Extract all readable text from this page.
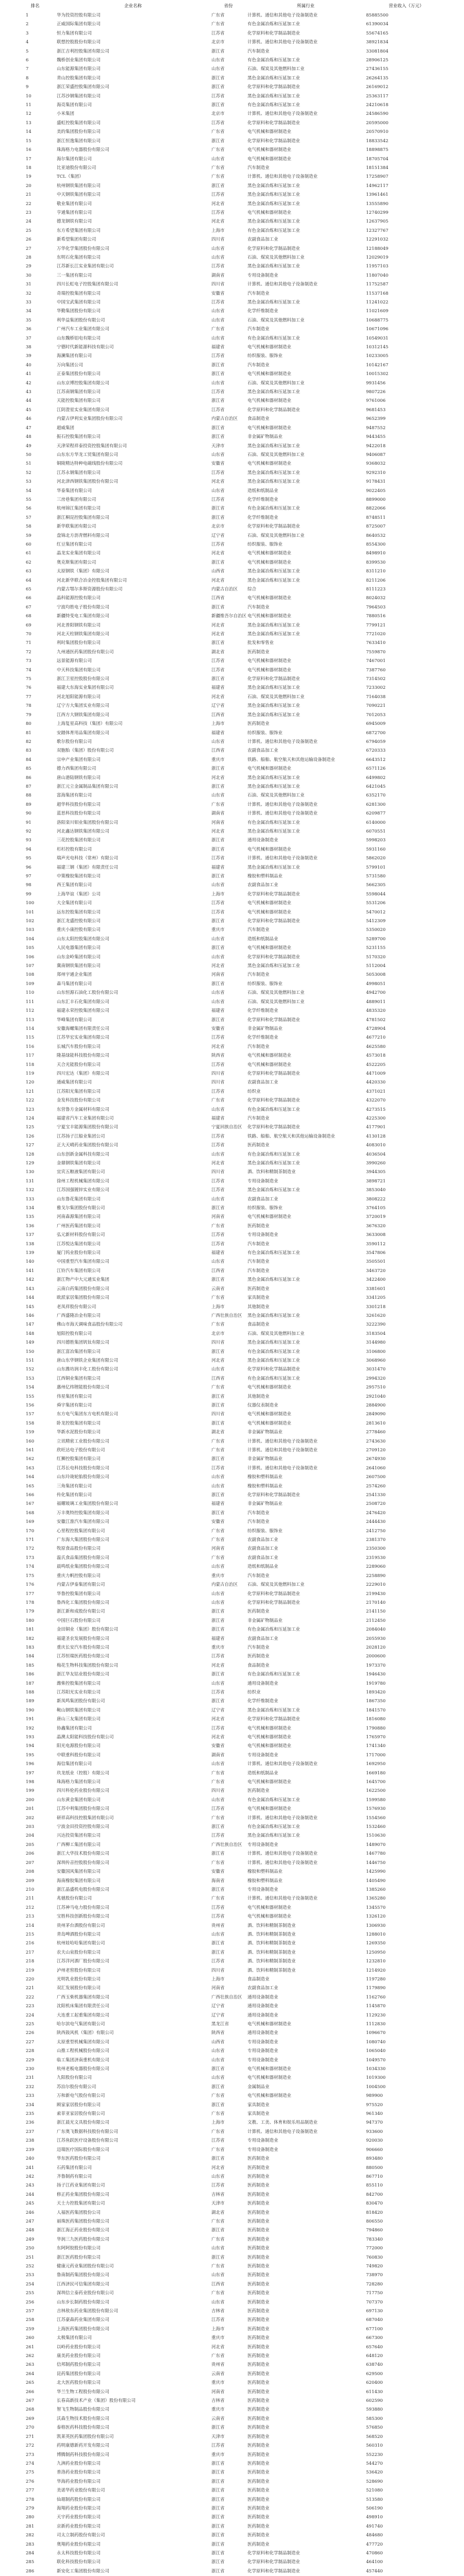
排名	企业名称	省份	所属行业	营业收入（万元）
1	华为投资控股有限公司	广东省	计算机、通信和其他电子设备制造业	85885500
2	正威国际集团有限公司	广东省	有色金属冶炼和压延加工业	61390034
3	恒力集团有限公司	江苏省	化学原料和化学制品制造业	55674165
4	联想控股股份有限公司	北京市	计算机、通信和其他电子设备制造业	38921834
5	浙江吉利控股集团有限公司	浙江省	汽车制造业	33081804
6	魏桥创业集团有限公司	山东省	有色金属冶炼和压延加工业	28906125
7	山东能源集团有限公司	山东省	石油、煤炭及其他燃料加工业	27436155
8	青山控股集团有限公司	浙江省	黑色金属冶炼和压延加工业	26264135
9	浙江荣盛控股集团有限公司	浙江省	化学原料和化学制品制造业	26169012
10	江苏沙钢集团有限公司	江苏省	黑色金属冶炼和压延加工业	25363117
11	海亮集团有限公司	浙江省	有色金属冶炼和压延加工业	24210618
12	小米集团	北京市	计算机、通信和其他电子设备制造业	24586590
13	盛虹控股集团有限公司	江苏省	化学原料和化学制品制造业	20595000
14	美的集团股份有限公司	广东省	电气机械和器材制造业	20570910
15	浙江恒逸集团有限公司	浙江省	化学原料和化学制品制造业	18833542
16	珠海格力电器股份有限公司	广东省	电气机械和器材制造业	18898875
17	海尔集团有限公司	山东省	电气机械和器材制造业	18705704
18	比亚迪股份有限公司	广东省	汽车制造业	18151384
19	TCL（集团）	广东省	计算机、通信和其他电子设备制造业	17258907
20	杭州钢铁集团有限公司	浙江省	黑色金属冶炼和压延加工业	14962117
21	中天钢铁集团有限公司	江苏省	黑色金属冶炼和压延加工业	13961461
22	敬业集团有限公司	河北省	黑色金属冶炼和压延加工业	13555890
23	亨通集团有限公司	江苏省	电气机械和器材制造业	12740299
24	德龙钢铁有限公司	河北省	黑色金属冶炼和压延加工业	12637905
25	东方希望集团有限公司	上海市	有色金属冶炼和压延加工业	12327767
26	新希望集团有限公司	四川省	农副食品加工业	12291032
27	万华化学集团股份有限公司	山东省	化学原料和化学制品制造业	12188049
28	东明石化集团有限公司	山东省	石油、煤炭及其他燃料加工业	12029019
29	江苏新长江实业集团有限公司	江苏省	黑色金属冶炼和压延加工业	11957103
30	三一集团有限公司	湖南省	专用设备制造业	11807040
31	四川长虹电子控股集团有限公司	四川省	计算机、通信和其他电子设备制造业	11752587
32	奇瑞控股集团有限公司	安徽省	汽车制造业	11537168
33	中国宝武集团有限公司	江苏省	黑色金属冶炼和压延加工业	11241022
34	华勤集团股份有限公司	山东省	化学纤维制造业	11021609
35	利华益集团股份有限公司	山东省	石油、煤炭及其他燃料加工业	10688775
36	广州汽车工业集团有限公司	广东省	汽车制造业	10671096
37	山东魏桥铝电有限公司	山东省	有色金属冶炼和压延加工业	10549031
38	宁德时代新能源科技有限公司	福建省	电气机械和器材制造业	10312145
39	海澜集团有限公司	江苏省	纺织服装、服饰业	10233005
40	万向集团公司	浙江省	汽车制造业	10142167
41	正泰集团股份有限公司	浙江省	电气机械和器材制造业	10015302
42	山东京博控股集团有限公司	山东省	石油、煤炭及其他燃料加工业	9931456
43	江苏南钢集团有限公司	江苏省	黑色金属冶炼和压延加工业	9807226
44	天能控股集团有限公司	浙江省	电气机械和器材制造业	9761006
45	江阴澄星实业集团有限公司	江苏省	化学原料和化学制品制造业	9681453
46	内蒙古伊利实业集团股份有限公司	内蒙古自治区	食品制造业	9652399
47	超威集团	浙江省	电气机械和器材制造业	9487552
48	振石控股集团有限公司	浙江省	非金属矿物制品业	9443455
49	天津荣程祥泰投资控股集团有限公司	天津市	黑色金属冶炼和压延加工业	9422018
50	山东东方华龙工贸集团有限公司	山东省	石油、煤炭及其他燃料加工业	9406087
51	铜陵精达特种电磁线股份有限公司	安徽省	电气机械和器材制造业	9368032
52	江苏永钢集团有限公司	江苏省	黑色金属冶炼和压延加工业	9292310
53	河北津西钢铁集团股份有限公司	河北省	黑色金属冶炼和压延加工业	9178431
54	华泰集团有限公司	山东省	造纸和纸制品业	9022405
55	三房巷集团有限公司	江苏省	化学纤维制造业	8899000
56	杭州锦江集团有限公司	浙江省	有色金属冶炼和压延加工业	8822066
57	浙江桐昆控股集团有限公司	浙江省	化学纤维制造业	8748511
58	新华联集团有限公司	北京市	化学原料和化学制品制造业	8725007
59	盘锦北方沥青燃料有限公司	辽宁省	石油、煤炭及其他燃料加工业	8640532
60	红豆集团有限公司	江苏省	纺织服装、服饰业	8554300
61	晶龙实业集团有限公司	河北省	电气机械和器材制造业	8498910
62	奥克斯集团有限公司	浙江省	电气机械和器材制造业	8399530
63	太原钢铁（集团）有限公司	山西省	黑色金属冶炼和压延加工业	8311210
64	河北新华联合冶金控股集团有限公司	河北省	黑色金属冶炼和压延加工业	8211206
65	内蒙古鄂尔多斯资源股份有限公司	内蒙古自治区	综合	8111223
66	晶科能源控股有限公司	江西省	电气机械和器材制造业	8024032
67	宁波均胜电子股份有限公司	浙江省	汽车制造业	7964503
68	新疆特变电工集团有限公司	新疆维吾尔自治区	电气机械和器材制造业	7880516
69	河北普阳钢铁有限公司	河北省	黑色金属冶炼和压延加工业	7799121
70	河北天柱钢铁集团有限公司	河北省	黑色金属冶炼和压延加工业	7721020
71	利时集团股份有限公司	浙江省	批发和零售业	7633410
72	九州通医药集团股份有限公司	湖北省	医药制造业	7559870
73	远景能源有限公司	江苏省	电气机械和器材制造业	7467001
74	中天科技集团有限公司	江苏省	电气机械和器材制造业	7387760
75	浙江卫星控股股份有限公司	浙江省	化学原料和化学制品制造业	7314502
76	福建大东海实业集团有限公司	福建省	黑色金属冶炼和压延加工业	7233002
77	河北旭阳能源有限公司	河北省	石油、煤炭及其他燃料加工业	7164038
78	辽宁方大集团实业有限公司	辽宁省	黑色金属冶炼和压延加工业	7090221
79	江西方大钢铁集团有限公司	江西省	黑色金属冶炼和压延加工业	7012053
80	上海复星高科技（集团）有限公司	上海市	医药制造业	6945009
81	安踏体育用品集团有限公司	福建省	纺织服装、服饰业	6872700
82	歌尔股份有限公司	山东省	计算机、通信和其他电子设备制造业	6794059
83	双胞胎（集团）股份有限公司	江西省	农副食品加工业	6720333
84	宗申产业集团有限公司	重庆市	铁路、船舶、航空航天和其他运输设备制造业	6643512
85	德力西集团有限公司	浙江省	电气机械和器材制造业	6571126
86	唐山港陆钢铁有限公司	河北省	黑色金属冶炼和压延加工业	6499802
87	浙江元立金属制品集团有限公司	浙江省	黑色金属冶炼和压延加工业	6421045
88	富海集团有限公司	山东省	石油、煤炭及其他燃料加工业	6352170
89	超华科技股份有限公司	广东省	计算机、通信和其他电子设备制造业	6281300
90	蓝思科技股份有限公司	湖南省	计算机、通信和其他电子设备制造业	6209877
91	洛阳栾川钼业集团股份有限公司	河南省	有色金属冶炼和压延加工业	6140000
92	河北鑫达钢铁集团有限公司	河北省	黑色金属冶炼和压延加工业	6070551
93	三花控股集团有限公司	浙江省	通用设备制造业	5998203
94	杉杉控股有限公司	浙江省	电气机械和器材制造业	5931160
95	瑞声光电科技（常州）有限公司	江苏省	计算机、通信和其他电子设备制造业	5862020
96	福建三钢（集团）有限责任公司	福建省	黑色金属冶炼和压延加工业	5799101
97	中策橡胶集团有限公司	浙江省	橡胶和塑料制品业	5731580
98	西王集团有限公司	山东省	农副食品加工业	5662305
99	上海华谊（集团）公司	上海市	化学原料和化学制品制造业	5598044
100	大全集团有限公司	江苏省	电气机械和器材制造业	5531206
101	远东控股集团有限公司	江苏省	电气机械和器材制造业	5470012
102	浙江龙盛控股有限公司	浙江省	化学原料和化学制品制造业	5412309
103	重庆小康控股有限公司	重庆市	汽车制造业	5350020
104	山东太阳控股集团有限公司	山东省	造纸和纸制品业	5289700
105	人民电器集团有限公司	浙江省	电气机械和器材制造业	5231155
106	山东金岭集团有限公司	山东省	化学原料和化学制品制造业	5170320
107	冀南钢铁集团有限公司	河北省	黑色金属冶炼和压延加工业	5112004
108	郑州宇通企业集团	河南省	汽车制造业	5053008
109	森马集团有限公司	浙江省	纺织服装、服饰业	4998051
110	山东恒源石油化工股份有限公司	山东省	石油、煤炭及其他燃料加工业	4942700
111	山东汇丰石化集团有限公司	山东省	石油、煤炭及其他燃料加工业	4889011
112	福建永荣控股集团有限公司	福建省	化学纤维制造业	4835320
113	华峰集团有限公司	浙江省	化学原料和化学制品制造业	4781502
114	安徽海螺集团有限责任公司	安徽省	非金属矿物制品业	4728904
115	江苏华宏实业集团有限公司	江苏省	化学纤维制造业	4677210
116	长城汽车股份有限公司	河北省	汽车制造业	4625580
117	隆基绿能科技股份有限公司	陕西省	电气机械和器材制造业	4573018
118	天合光能股份有限公司	江苏省	电气机械和器材制造业	4522205
119	四川宏达（集团）有限公司	四川省	化学原料和化学制品制造业	4471009
120	通威集团有限公司	四川省	农副食品加工业	4420330
121	江苏阳光集团有限公司	江苏省	纺织业	4371021
122	金发科技股份有限公司	广东省	化学原料和化学制品制造业	4322070
123	东营鲁方金属材料有限公司	山东省	有色金属冶炼和压延加工业	4273515
124	福建省汽车工业集团有限公司	福建省	汽车制造业	4225300
125	宁夏宝丰能源集团股份有限公司	宁夏回族自治区	化学原料和化学制品制造业	4177901
126	江苏扬子江船业集团公司	江苏省	铁路、船舶、航空航天和其他运输设备制造业	4130128
127	正大天晴药业集团股份有限公司	江苏省	医药制造业	4083010
128	山东创新金属科技有限公司	山东省	有色金属冶炼和压延加工业	4036504
129	金鼎钢铁集团有限公司	河北省	黑色金属冶炼和压延加工业	3990260
130	宜宾五粮液集团有限公司	四川省	酒、饮料和精制茶制造业	3944305
131	徐州工程机械集团有限公司	江苏省	专用设备制造业	3898721
132	江苏国强镀锌实业有限公司	江苏省	黑色金属冶炼和压延加工业	3853040
133	山东鲁花集团有限公司	山东省	农副食品加工业	3808222
134	雅戈尔集团股份有限公司	浙江省	纺织服装、服饰业	3764105
135	河南森源集团有限公司	河南省	电气机械和器材制造业	3720019
136	广州医药集团有限公司	广东省	医药制造业	3676320
137	弘元新材料股份有限公司	江苏省	专用设备制造业	3633008
138	江苏悦达集团有限公司	江苏省	汽车制造业	3590112
139	厦门钨业股份有限公司	福建省	有色金属冶炼和压延加工业	3547806
140	中国重型汽车集团有限公司	山东省	汽车制造业	3505501
141	江铃汽车集团有限公司	江西省	汽车制造业	3463720
142	浙江物产中大元通实业集团	浙江省	黑色金属冶炼和压延加工业	3422400
143	云南白药集团股份有限公司	云南省	医药制造业	3381601
144	欧派家居集团股份有限公司	广东省	家具制造业	3341205
145	老凤祥股份有限公司	上海市	其他制造业	3301218
146	广西盛隆冶金有限公司	广西壮族自治区	黑色金属冶炼和压延加工业	3261620
147	佛山市海天调味食品股份有限公司	广东省	食品制造业	3222390
148	旭阳控股有限公司	北京市	石油、煤炭及其他燃料加工业	3183504
149	四川德胜集团钒钛有限公司	四川省	黑色金属冶炼和压延加工业	3144980
150	浙江富冶集团有限公司	浙江省	有色金属冶炼和压延加工业	3106800
151	唐山东华钢铁企业集团有限公司	河北省	黑色金属冶炼和压延加工业	3068960
152	山东潍坊润丰化工股份有限公司	山东省	化学原料和化学制品制造业	3031470
153	江西铜业集团有限公司	江西省	有色金属冶炼和压延加工业	2994320
154	惠州亿纬锂能股份有限公司	广东省	电气机械和器材制造业	2957510
155	伟星集团有限公司	浙江省	其他制造业	2921040
156	舜宇集团有限公司	浙江省	仪器仪表制造业	2884900
157	东方电气集团东方电机有限公司	四川省	电气机械和器材制造业	2849090
158	卧龙控股集团有限公司	浙江省	电气机械和器材制造业	2813610
159	华新水泥股份有限公司	湖北省	非金属矿物制品业	2778460
160	立讯精密工业股份有限公司	广东省	计算机、通信和其他电子设备制造业	2743630
161	欣旺达电子股份有限公司	广东省	计算机、通信和其他电子设备制造业	2709120
162	红狮控股集团有限公司	浙江省	非金属矿物制品业	2674930
163	江苏长电科技股份有限公司	江苏省	计算机、通信和其他电子设备制造业	2641060
164	山东玲珑轮胎股份有限公司	山东省	橡胶和塑料制品业	2607500
165	三角集团有限公司	山东省	橡胶和塑料制品业	2574260
166	传化集团有限公司	浙江省	化学原料和化学制品制造业	2541330
167	福耀玻璃工业集团股份有限公司	福建省	非金属矿物制品业	2508720
168	万丰奥特控股集团有限公司	浙江省	汽车制造业	2476420
169	安徽江淮汽车集团有限公司	安徽省	汽车制造业	2444430
170	心里程控股集团有限公司	广东省	纺织服装、服饰业	2412750
171	广东海大集团股份有限公司	广东省	农副食品加工业	2381370
172	牧原食品股份有限公司	河南省	农副食品加工业	2350300
173	温氏食品集团股份有限公司	广东省	农副食品加工业	2319530
174	晨鸣纸业集团股份有限公司	山东省	造纸和纸制品业	2289060
175	重庆力帆控股有限公司	重庆市	汽车制造业	2258890
176	内蒙古伊泰集团有限公司	内蒙古自治区	石油、煤炭及其他燃料加工业	2229010
177	华鲁控股集团有限公司	山东省	化学原料和化学制品制造业	2199430
178	鲁西化工集团股份有限公司	山东省	化学原料和化学制品制造业	2170140
179	浙江新和成股份有限公司	浙江省	医药制造业	2141150
180	中国巨石股份有限公司	浙江省	非金属矿物制品业	2112450
181	金田铜业（集团）股份有限公司	浙江省	有色金属冶炼和压延加工业	2084040
182	福建圣农发展股份有限公司	福建省	农副食品加工业	2055930
183	重庆长安汽车股份有限公司	重庆市	汽车制造业	2028120
184	江苏恒瑞医药股份有限公司	江苏省	医药制造业	2000600
185	梅花生物科技集团股份有限公司	河北省	食品制造业	1973370
186	浙江华友钴业股份有限公司	浙江省	有色金属冶炼和压延加工业	1946430
187	潍柴控股集团有限公司	山东省	通用设备制造业	1919780
188	江苏阳光实业有限公司	江苏省	纺织业	1893420
189	新凤鸣集团股份有限公司	浙江省	化学纤维制造业	1867350
190	鞍山钢铁集团有限公司	辽宁省	黑色金属冶炼和压延加工业	1841570
191	唐山三友集团有限公司	河北省	化学原料和化学制品制造业	1816080
192	协鑫集团有限公司	江苏省	电气机械和器材制造业	1790880
193	晶澳太阳能科技股份有限公司	河北省	电气机械和器材制造业	1765970
194	阳光电源股份有限公司	安徽省	电气机械和器材制造业	1741340
195	中联重科股份有限公司	湖南省	专用设备制造业	1717000
196	海信集团有限公司	山东省	计算机、通信和其他电子设备制造业	1692950
197	玖龙纸业（控股）有限公司	广东省	造纸和纸制品业	1669180
198	珠海格力集团有限公司	广东省	电气机械和器材制造业	1645700
199	四川科伦药业股份有限公司	四川省	医药制造业	1622500
200	山东黄金集团有限公司	山东省	有色金属冶炼和压延加工业	1599580
201	江苏中利集团股份有限公司	江苏省	电气机械和器材制造业	1576930
202	研祥高科技控股集团有限公司	广东省	计算机、通信和其他电子设备制造业	1554560
203	宁波金田投资控股有限公司	浙江省	有色金属冶炼和压延加工业	1532460
204	兴达投资集团有限公司	江苏省	黑色金属冶炼和压延加工业	1510630
205	广西柳工集团有限公司	广西壮族自治区	专用设备制造业	1489070
206	浙江大华技术股份有限公司	浙江省	计算机、通信和其他电子设备制造业	1467780
207	深圳传音控股股份有限公司	广东省	计算机、通信和其他电子设备制造业	1446750
208	安徽国风集团有限公司	安徽省	橡胶和塑料制品业	1425990
209	海南橡胶集团有限公司	海南省	橡胶和塑料制品业	1405490
210	浙江晶盛机电股份有限公司	浙江省	专用设备制造业	1385260
211	兆驰股份有限公司	广东省	计算机、通信和其他电子设备制造业	1365280
212	江苏神马电力股份有限公司	江苏省	电气机械和器材制造业	1345570
213	宝胜科技创新股份有限公司	江苏省	电气机械和器材制造业	1326120
214	贵州茅台酒股份有限公司	贵州省	酒、饮料和精制茶制造业	1306930
215	青岛啤酒股份有限公司	山东省	酒、饮料和精制茶制造业	1288010
216	杭州娃哈哈集团有限公司	浙江省	酒、饮料和精制茶制造业	1269350
217	农夫山泉股份有限公司	浙江省	酒、饮料和精制茶制造业	1250950
218	江苏洋河酒厂股份有限公司	江苏省	酒、饮料和精制茶制造业	1232810
219	泸州老窖股份有限公司	四川省	酒、饮料和精制茶制造业	1214920
220	光明乳业股份有限公司	上海市	食品制造业	1197280
221	双汇发展股份有限公司	河南省	农副食品加工业	1179890
222	广西玉柴机器集团有限公司	广西壮族自治区	通用设备制造业	1162760
223	沈阳机床集团有限责任公司	辽宁省	通用设备制造业	1145870
224	大连重工起重集团有限公司	辽宁省	通用设备制造业	1129230
225	哈尔滨电气集团有限公司	黑龙江省	电气机械和器材制造业	1112830
226	陕西鼓风机（集团）有限公司	陕西省	通用设备制造业	1096670
227	太原重型机械集团有限公司	山西省	专用设备制造业	1080740
228	山推工程机械股份有限公司	山东省	专用设备制造业	1065040
229	临工集团济南重机有限公司	山东省	专用设备制造业	1049570
230	杭州老板电器股份有限公司	浙江省	电气机械和器材制造业	1034330
231	九阳股份有限公司	山东省	电气机械和器材制造业	1019300
232	苏泊尔股份有限公司	浙江省	金属制品业	1004500
233	万和新电气股份有限公司	广东省	电气机械和器材制造业	989900
234	顾家家居股份有限公司	浙江省	家具制造业	975520
235	索菲亚家居股份有限公司	广东省	家具制造业	961340
236	浙江晨光文具股份有限公司	上海市	文教、工美、体育和娱乐用品制造业	947370
237	广东奥飞数据科技股份有限公司	广东省	计算机、通信和其他电子设备制造业	933600
238	江苏鱼跃医疗设备股份有限公司	江苏省	专用设备制造业	920030
239	迈瑞医疗国际股份有限公司	广东省	专用设备制造业	906660
240	华东医药股份有限公司	浙江省	医药制造业	893480
241	石药集团有限公司	河北省	医药制造业	880500
242	齐鲁制药有限公司	山东省	医药制造业	867710
243	扬子江药业集团有限公司	江苏省	医药制造业	855110
244	修正药业集团股份有限公司	吉林省	医药制造业	842700
245	天士力控股集团有限公司	天津市	医药制造业	830470
246	人福医药集团股份公司	湖北省	医药制造业	818420
247	丽珠医药集团股份有限公司	广东省	医药制造业	806550
248	浙江海正药业股份有限公司	浙江省	医药制造业	794860
249	华润三九医药股份有限公司	广东省	医药制造业	783340
250	东阿阿胶股份有限公司	山东省	医药制造业	772000
251	浙江医药股份有限公司	浙江省	医药制造业	760830
252	健康元药业集团股份有限公司	广东省	医药制造业	749820
253	鲁南制药集团股份有限公司	山东省	医药制造业	738970
254	江西济民可信集团有限公司	江西省	医药制造业	728280
255	深圳信立泰药业股份有限公司	广东省	医药制造业	717750
256	山东步长制药股份有限公司	山东省	医药制造业	707370
257	吉林敖东药业集团股份有限公司	吉林省	医药制造业	697130
258	江苏豪森药业集团有限公司	江苏省	医药制造业	687040
259	上海医药集团股份有限公司	上海市	医药制造业	677100
260	太极集团有限公司	重庆市	医药制造业	667300
261	以岭药业股份有限公司	河北省	医药制造业	657640
262	康美药业股份有限公司	广东省	医药制造业	648120
263	信邦制药股份有限公司	贵州省	医药制造业	638740
264	昆药集团股份有限公司	云南省	医药制造业	629500
265	北大医药股份有限公司	重庆市	医药制造业	620400
266	华兰生物工程股份有限公司	河南省	医药制造业	611430
267	长春高新技术产业（集团）股份有限公司	吉林省	医药制造业	602590
268	智飞生物制品股份有限公司	重庆市	医药制造业	593880
269	沃森生物技术股份有限公司	云南省	医药制造业	585300
270	泰格医药科技股份有限公司	浙江省	医药制造业	576850
271	凯莱英医药集团股份有限公司	天津市	医药制造业	568520
272	药明康德新药开发有限公司	江苏省	医药制造业	560310
273	博腾制药科技股份有限公司	重庆市	医药制造业	552230
274	九洲药业股份有限公司	浙江省	医药制造业	544270
275	普洛药业股份有限公司	浙江省	医药制造业	536420
276	华海药业股份有限公司	浙江省	医药制造业	528690
277	美诺华药业股份有限公司	浙江省	医药制造业	521080
278	仙琚制药股份有限公司	浙江省	医药制造业	513580
279	海翔药业股份有限公司	浙江省	医药制造业	506190
280	天宇药业股份有限公司	浙江省	医药制造业	498910
281	京新药业股份有限公司	浙江省	医药制造业	491740
282	司太立制药股份有限公司	浙江省	医药制造业	484680
283	奥翔药业股份有限公司	浙江省	医药制造业	477720
284	永太科技股份有限公司	浙江省	化学原料和化学制品制造业	470860
285	联化科技股份有限公司	浙江省	化学原料和化学制品制造业	464100
286	新安化工集团股份有限公司	浙江省	化学原料和化学制品制造业	457440
